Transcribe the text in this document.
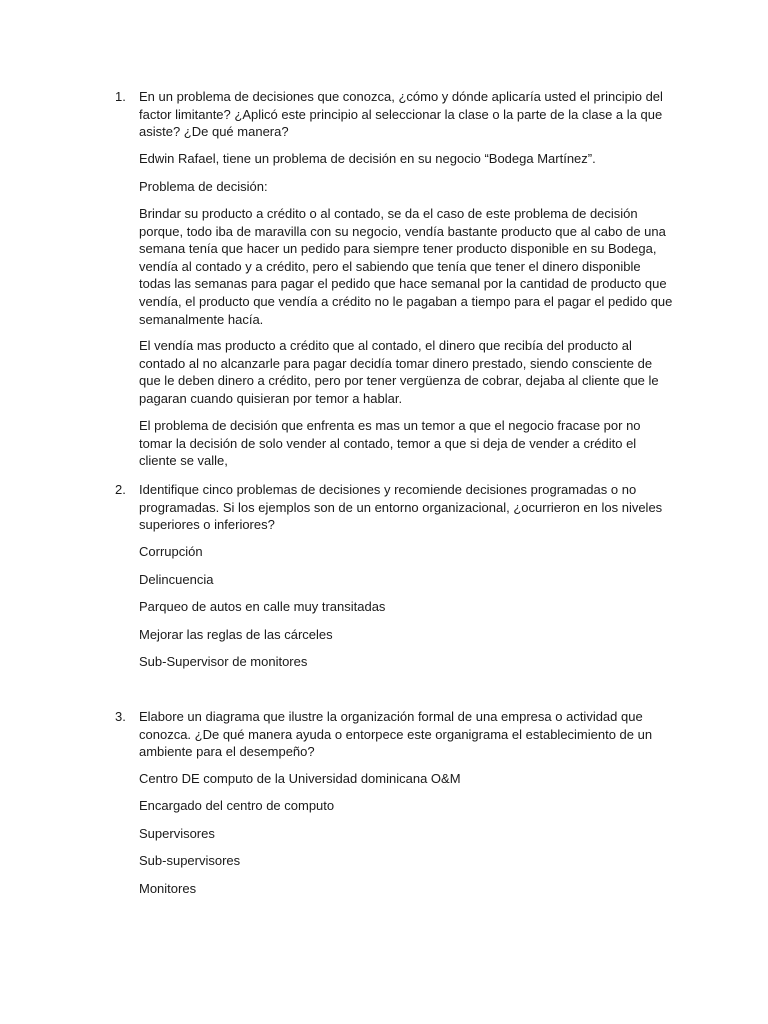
1. En un problema de decisiones que conozca, ¿cómo y dónde aplicaría usted el principio del factor limitante? ¿Aplicó este principio al seleccionar la clase o la parte de la clase a la que asiste? ¿De qué manera?

Edwin Rafael, tiene un problema de decisión en su negocio “Bodega Martínez”.

Problema de decisión:

Brindar su producto a crédito o al contado, se da el caso de este problema de decisión porque, todo iba de maravilla con su negocio, vendía bastante producto que al cabo de una semana tenía que hacer un pedido para siempre tener producto disponible en su Bodega, vendía al contado y a crédito, pero el sabiendo que tenía que tener el dinero disponible todas las semanas para pagar el pedido que hace semanal por la cantidad de producto que vendía, el producto que vendía a crédito no le pagaban a tiempo para el pagar el pedido que semanalmente hacía.

El vendía mas producto a crédito que al contado, el dinero que recibía del producto al contado al no alcanzarle para pagar decidía tomar dinero prestado, siendo consciente de que le deben dinero a crédito, pero por tener vergüenza de cobrar, dejaba al cliente que le pagaran cuando quisieran por temor a hablar.

El problema de decisión que enfrenta es mas un temor a que el negocio fracase por no tomar la decisión de solo vender al contado, temor a que si deja de vender a crédito el cliente se valle,

2. Identifique cinco problemas de decisiones y recomiende decisiones programadas o no programadas. Si los ejemplos son de un entorno organizacional, ¿ocurrieron en los niveles superiores o inferiores?

Corrupción

Delincuencia

Parqueo de autos en calle muy transitadas

Mejorar las reglas de las cárceles

Sub-Supervisor de monitores

3. Elabore un diagrama que ilustre la organización formal de una empresa o actividad que conozca. ¿De qué manera ayuda o entorpece este organigrama el establecimiento de un ambiente para el desempeño?

Centro DE computo de la Universidad dominicana O&M

Encargado del centro de computo

Supervisores

Sub-supervisores

Monitores
